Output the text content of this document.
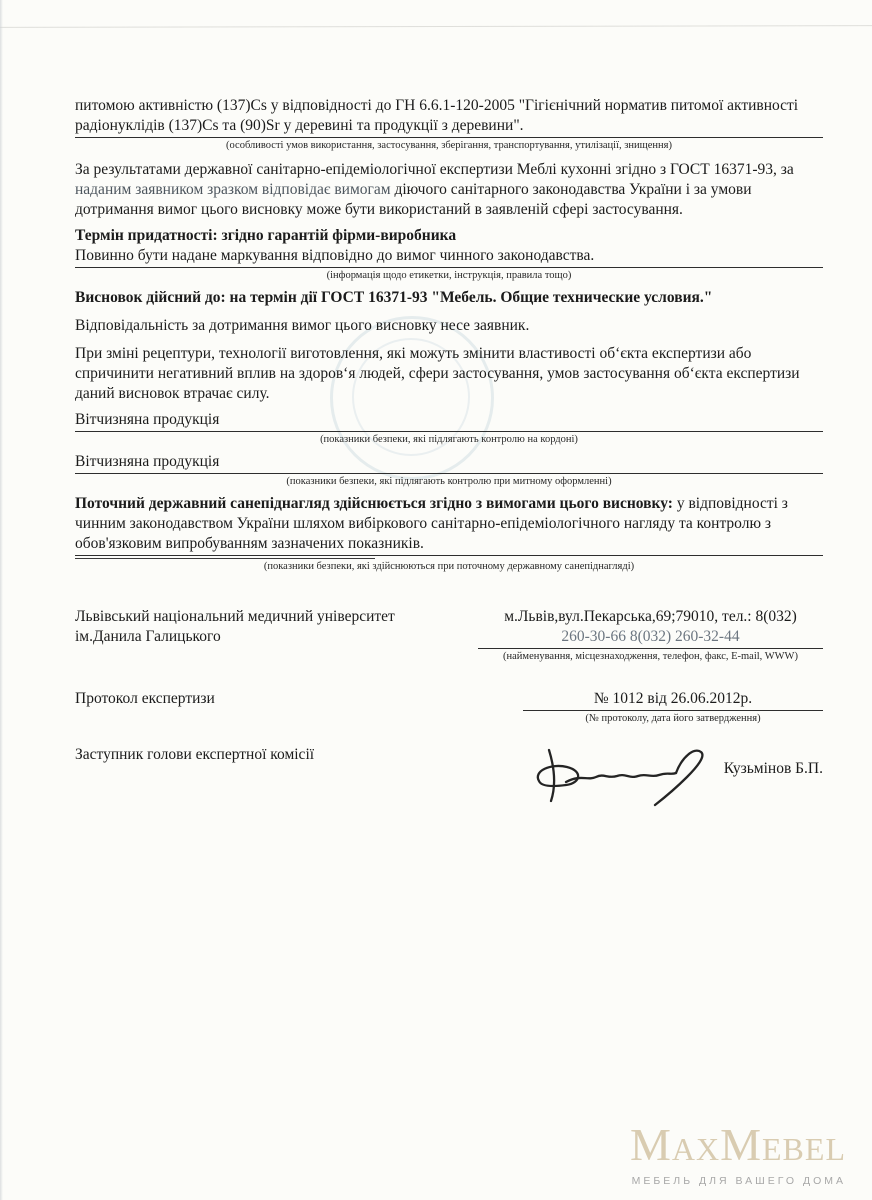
питомою активністю (137)Cs у відповідності до ГН 6.6.1-120-2005 "Гігієнічний норматив питомої активності
радіонуклідів (137)Cs та (90)Sr у деревині та продукції з деревини".
(особливості умов використання, застосування, зберігання, транспортування, утилізації, знищення)
За результатами державної санітарно-епідеміологічної експертизи Меблі кухонні згідно з ГОСТ 16371-93, за
наданим заявником зразком відповідає вимогам діючого санітарного законодавства України і за умови
дотримання вимог цього висновку може бути використаний в заявленій сфері застосування.
Термін придатності: згідно гарантій фірми-виробника
Повинно бути надане маркування відповідно до вимог чинного законодавства.
(інформація щодо етикетки, інструкція, правила тощо)
Висновок дійсний до: на термін дії ГОСТ 16371-93 "Мебель. Общие технические условия."
Відповідальність за дотримання вимог цього висновку несе заявник.
При зміні рецептури, технології виготовлення, які можуть змінити властивості об‘єкта експертизи або
спричинити негативний вплив на здоров‘я людей, сфери застосування, умов застосування об‘єкта експертизи
даний висновок втрачає силу.
Вітчизняна продукція
(показники безпеки, які підлягають контролю на кордоні)
Вітчизняна продукція
(показники безпеки, які підлягають контролю при митному оформленні)
Поточний державний санепіднагляд здійснюється згідно з вимогами цього висновку: у відповідності з
чинним законодавством України шляхом вибіркового санітарно-епідеміологічного нагляду та контролю з
обов'язковим випробуванням зазначених показників.
(показники безпеки, які здійснюються при поточному державному санепіднагляді)
Львівський національний медичний університет
ім.Данила Галицького
м.Львів,вул.Пекарська,69;79010, тел.: 8(032)
260-30-66 8(032) 260-32-44
(найменування, місцезнаходження, телефон, факс, E-mail, WWW)
Протокол експертизи	№ 1012 від 26.06.2012р.
(№ протоколу, дата його затвердження)
Заступник голови експертної комісії
Кузьмінов Б.П.
MaxMebel
МЕБЕЛЬ ДЛЯ ВАШЕГО ДОМА
